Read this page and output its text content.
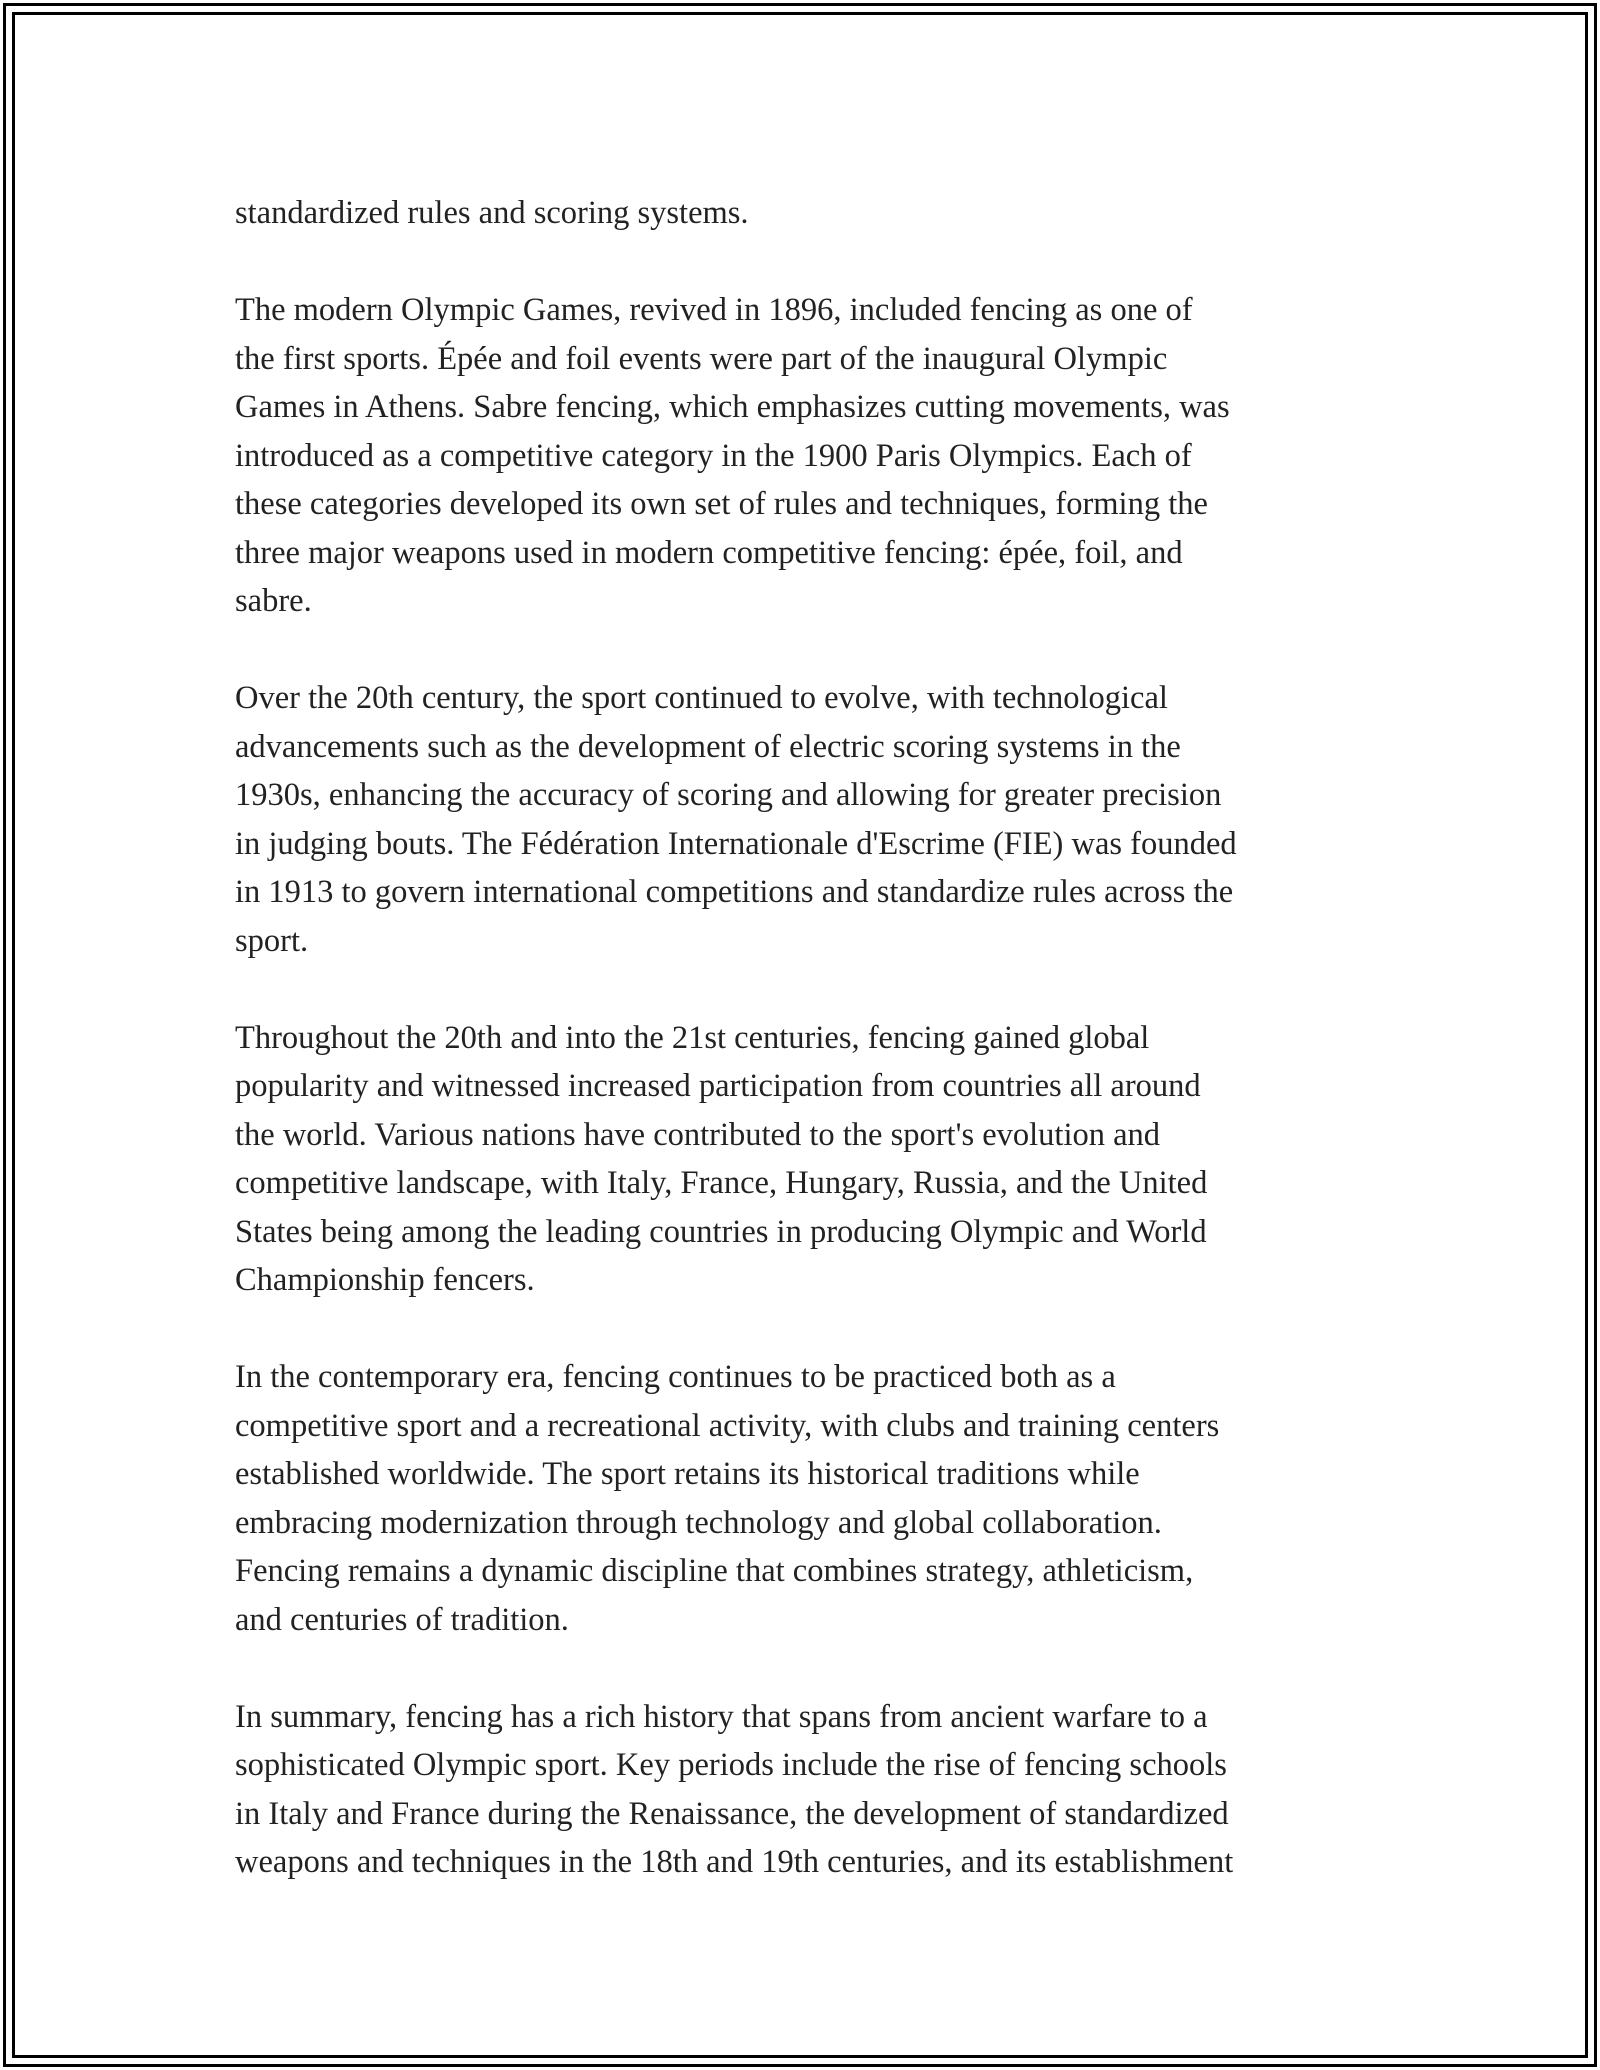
standardized rules and scoring systems.

The modern Olympic Games, revived in 1896, included fencing as one of
the first sports. Épée and foil events were part of the inaugural Olympic
Games in Athens. Sabre fencing, which emphasizes cutting movements, was
introduced as a competitive category in the 1900 Paris Olympics. Each of
these categories developed its own set of rules and techniques, forming the
three major weapons used in modern competitive fencing: épée, foil, and
sabre.

Over the 20th century, the sport continued to evolve, with technological
advancements such as the development of electric scoring systems in the
1930s, enhancing the accuracy of scoring and allowing for greater precision
in judging bouts. The Fédération Internationale d'Escrime (FIE) was founded
in 1913 to govern international competitions and standardize rules across the
sport.

Throughout the 20th and into the 21st centuries, fencing gained global
popularity and witnessed increased participation from countries all around
the world. Various nations have contributed to the sport's evolution and
competitive landscape, with Italy, France, Hungary, Russia, and the United
States being among the leading countries in producing Olympic and World
Championship fencers.

In the contemporary era, fencing continues to be practiced both as a
competitive sport and a recreational activity, with clubs and training centers
established worldwide. The sport retains its historical traditions while
embracing modernization through technology and global collaboration.
Fencing remains a dynamic discipline that combines strategy, athleticism,
and centuries of tradition.

In summary, fencing has a rich history that spans from ancient warfare to a
sophisticated Olympic sport. Key periods include the rise of fencing schools
in Italy and France during the Renaissance, the development of standardized
weapons and techniques in the 18th and 19th centuries, and its establishment
